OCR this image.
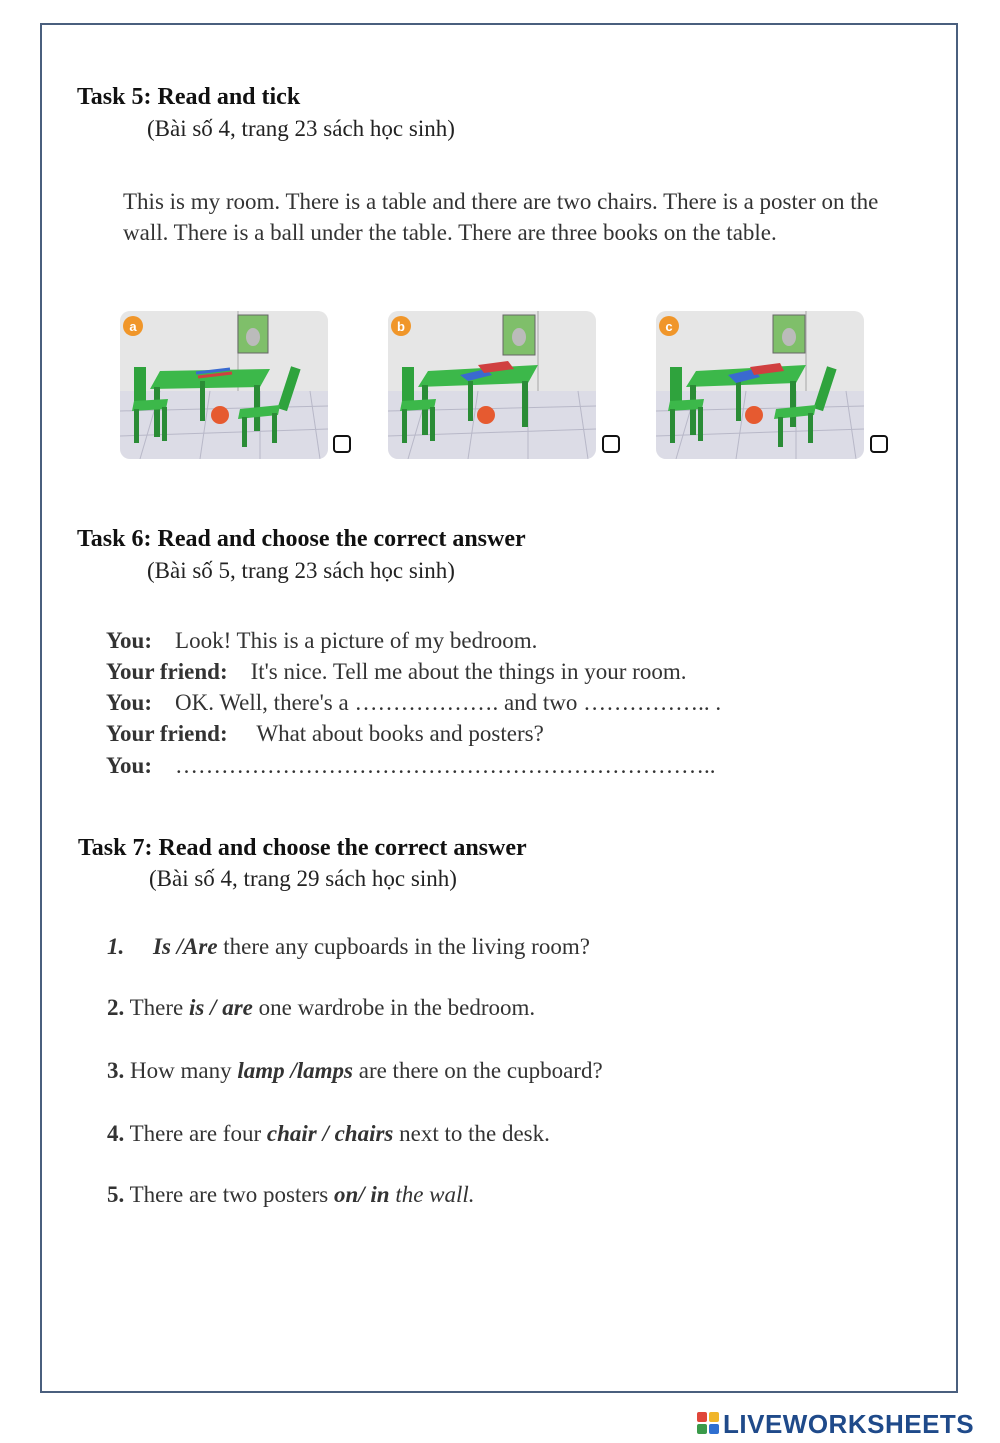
Task 5: Read and tick
(Bài số 4, trang 23 sách học sinh)
This is my room. There is a table and there are two chairs. There is a poster on the wall. There is a ball under the table. There are three books on the table.
a	b	c
Task 6: Read and choose the correct answer
(Bài số 5, trang 23 sách học sinh)
You: Look! This is a picture of my bedroom.
Your friend: It's nice. Tell me about the things in your room.
You: OK. Well, there's a ………………. and two …………….. .
Your friend: What about books and posters?
You: ……………………………………………………………..
Task 7: Read and choose the correct answer
(Bài số 4, trang 29 sách học sinh)
1. Is /Are there any cupboards in the living room?
2. There is / are one wardrobe in the bedroom.
3. How many lamp /lamps are there on the cupboard?
4. There are four chair / chairs next to the desk.
5. There are two posters on/ in the wall.
LIVEWORKSHEETS
